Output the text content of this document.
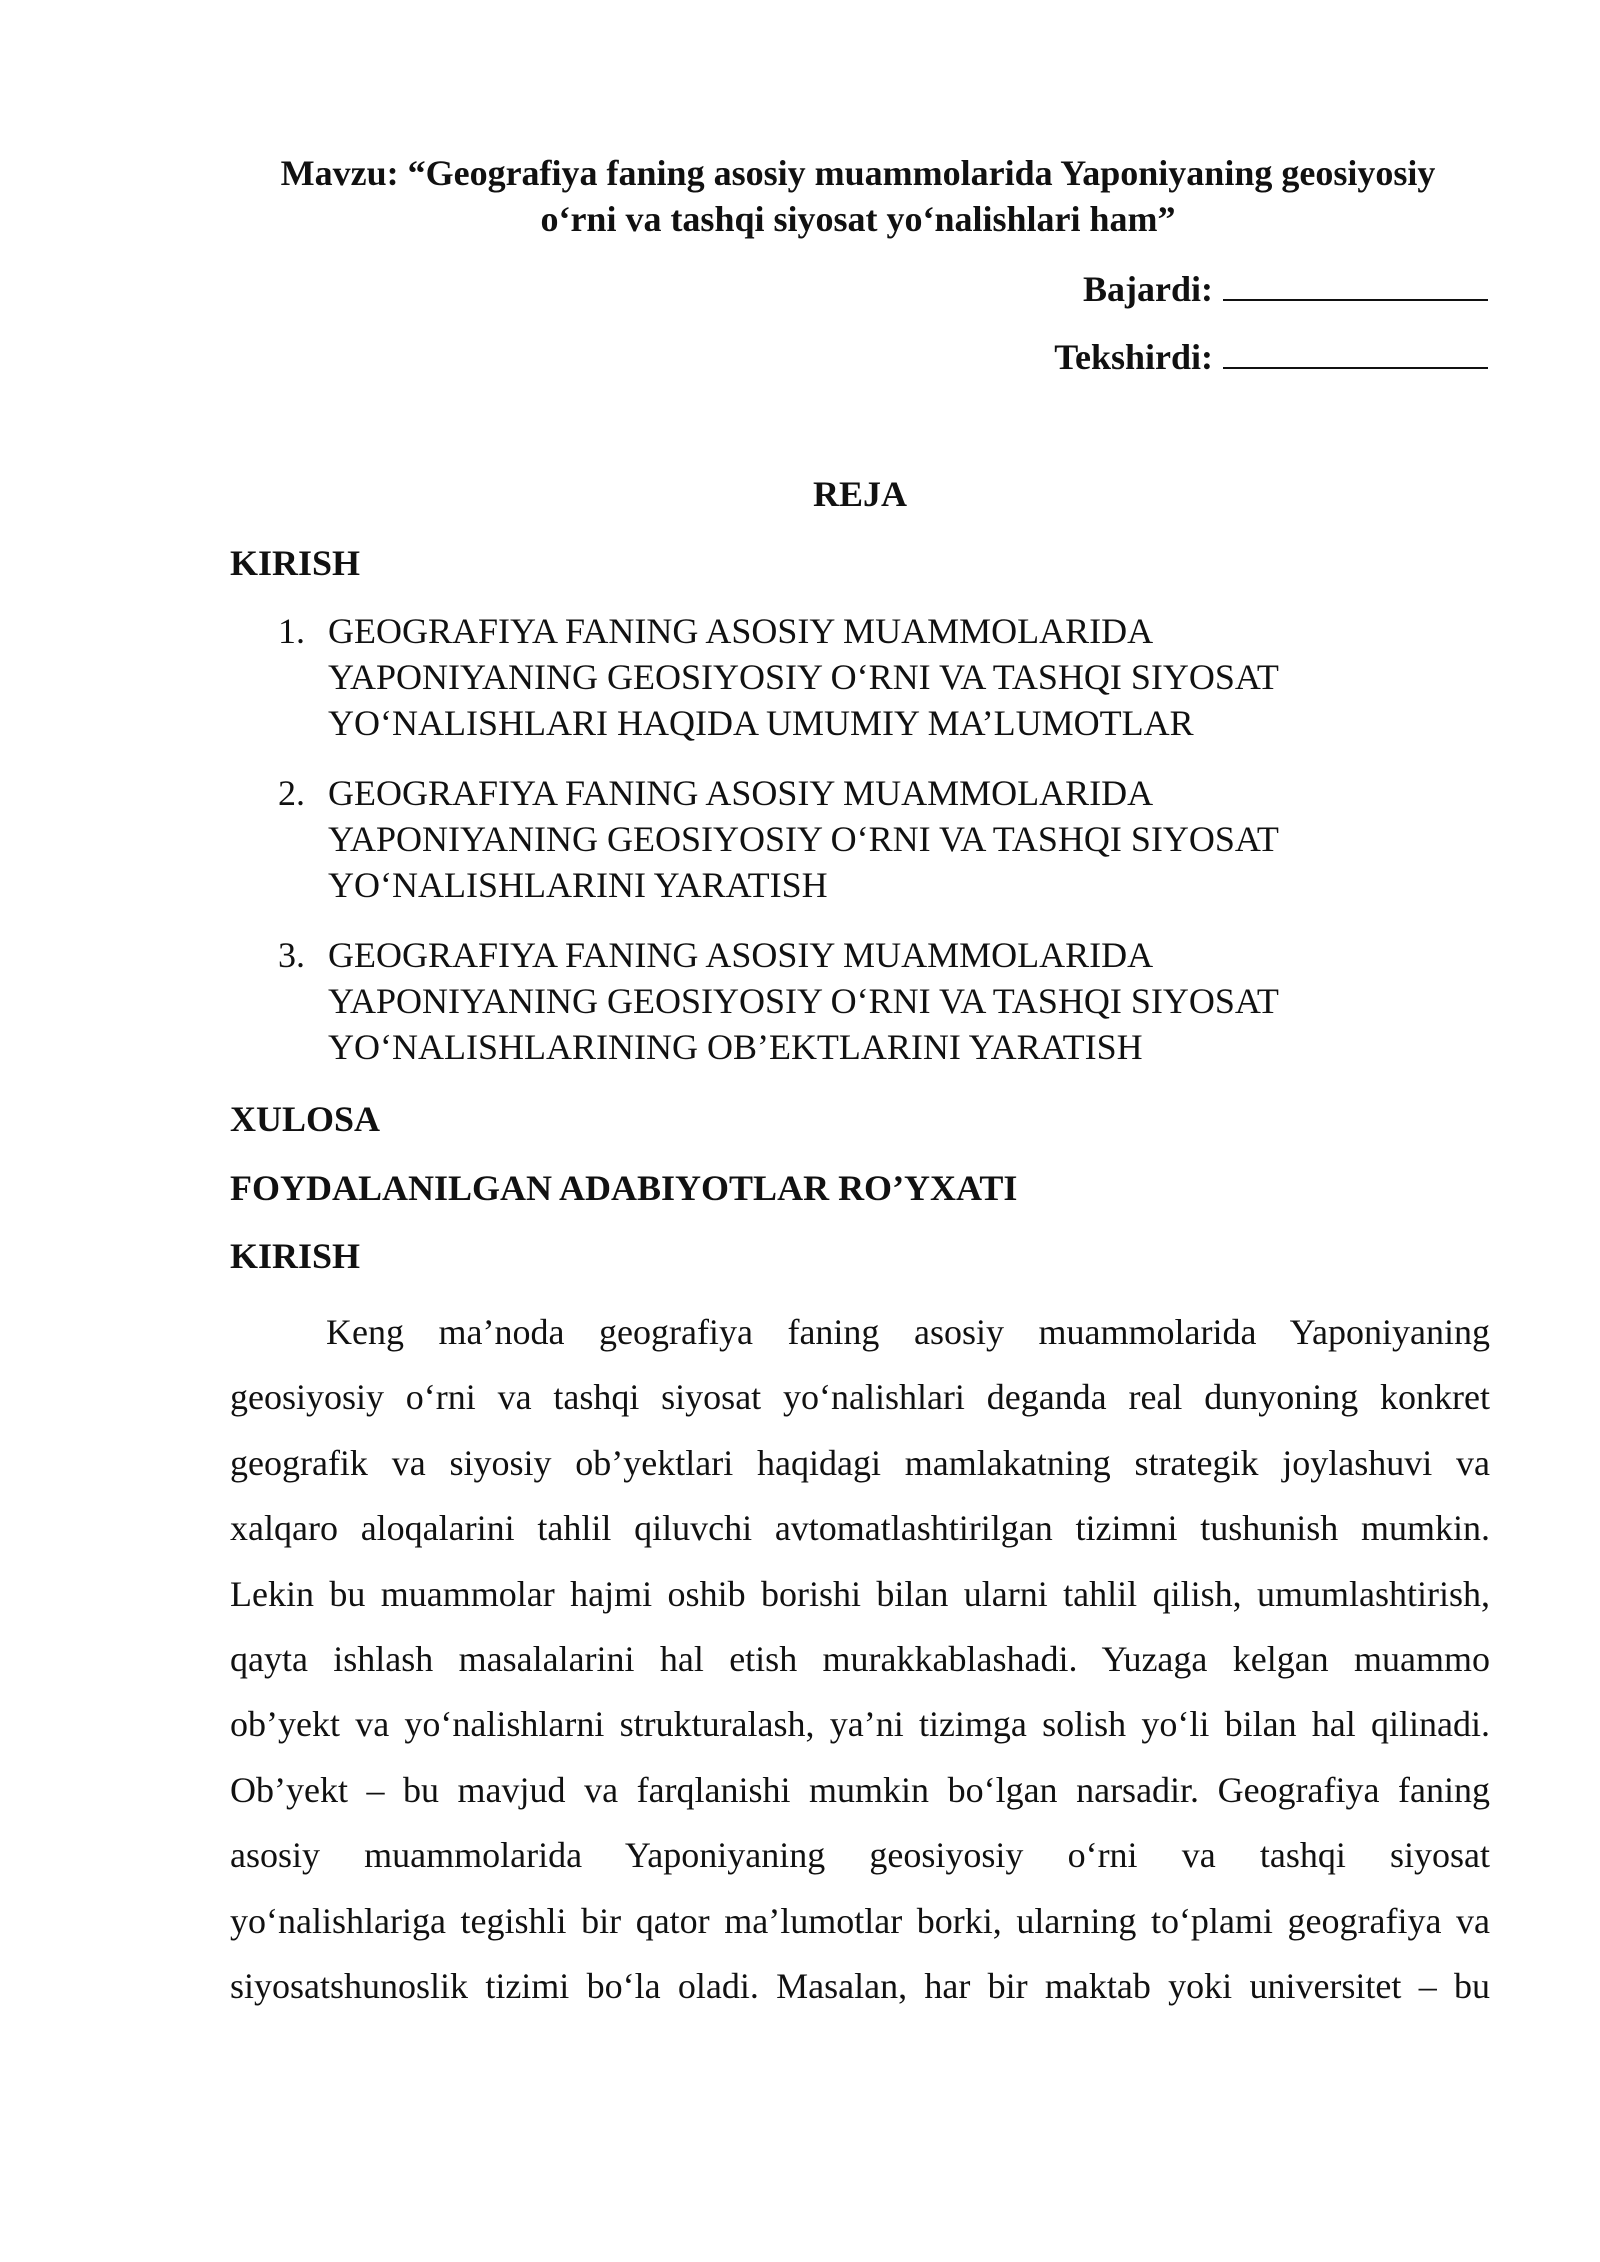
Mavzu: “Geografiya faning asosiy muammolarida Yaponiyaning geosiyosiy
o‘rni va tashqi siyosat yo‘nalishlari ham”
Bajardi:
Tekshirdi:
REJA
KIRISH
1. GEOGRAFIYA FANING ASOSIY MUAMMOLARIDA
YAPONIYANING GEOSIYOSIY O‘RNI VA TASHQI SIYOSAT
YO‘NALISHLARI HAQIDA UMUMIY MA’LUMOTLAR
2. GEOGRAFIYA FANING ASOSIY MUAMMOLARIDA
YAPONIYANING GEOSIYOSIY O‘RNI VA TASHQI SIYOSAT
YO‘NALISHLARINI YARATISH
3. GEOGRAFIYA FANING ASOSIY MUAMMOLARIDA
YAPONIYANING GEOSIYOSIY O‘RNI VA TASHQI SIYOSAT
YO‘NALISHLARINING OB’EKTLARINI YARATISH
XULOSA
FOYDALANILGAN ADABIYOTLAR RO’YXATI
KIRISH
Keng ma’noda geografiya faning asosiy muammolarida Yaponiyaning
geosiyosiy o‘rni va tashqi siyosat yo‘nalishlari deganda real dunyoning konkret
geografik va siyosiy ob’yektlari haqidagi mamlakatning strategik joylashuvi va
xalqaro aloqalarini tahlil qiluvchi avtomatlashtirilgan tizimni tushunish mumkin.
Lekin bu muammolar hajmi oshib borishi bilan ularni tahlil qilish, umumlashtirish,
qayta ishlash masalalarini hal etish murakkablashadi. Yuzaga kelgan muammo
ob’yekt va yo‘nalishlarni strukturalash, ya’ni tizimga solish yo‘li bilan hal qilinadi.
Ob’yekt – bu mavjud va farqlanishi mumkin bo‘lgan narsadir. Geografiya faning
asosiy muammolarida Yaponiyaning geosiyosiy o‘rni va tashqi siyosat
yo‘nalishlariga tegishli bir qator ma’lumotlar borki, ularning to‘plami geografiya va
siyosatshunoslik tizimi bo‘la oladi. Masalan, har bir maktab yoki universitet – bu
